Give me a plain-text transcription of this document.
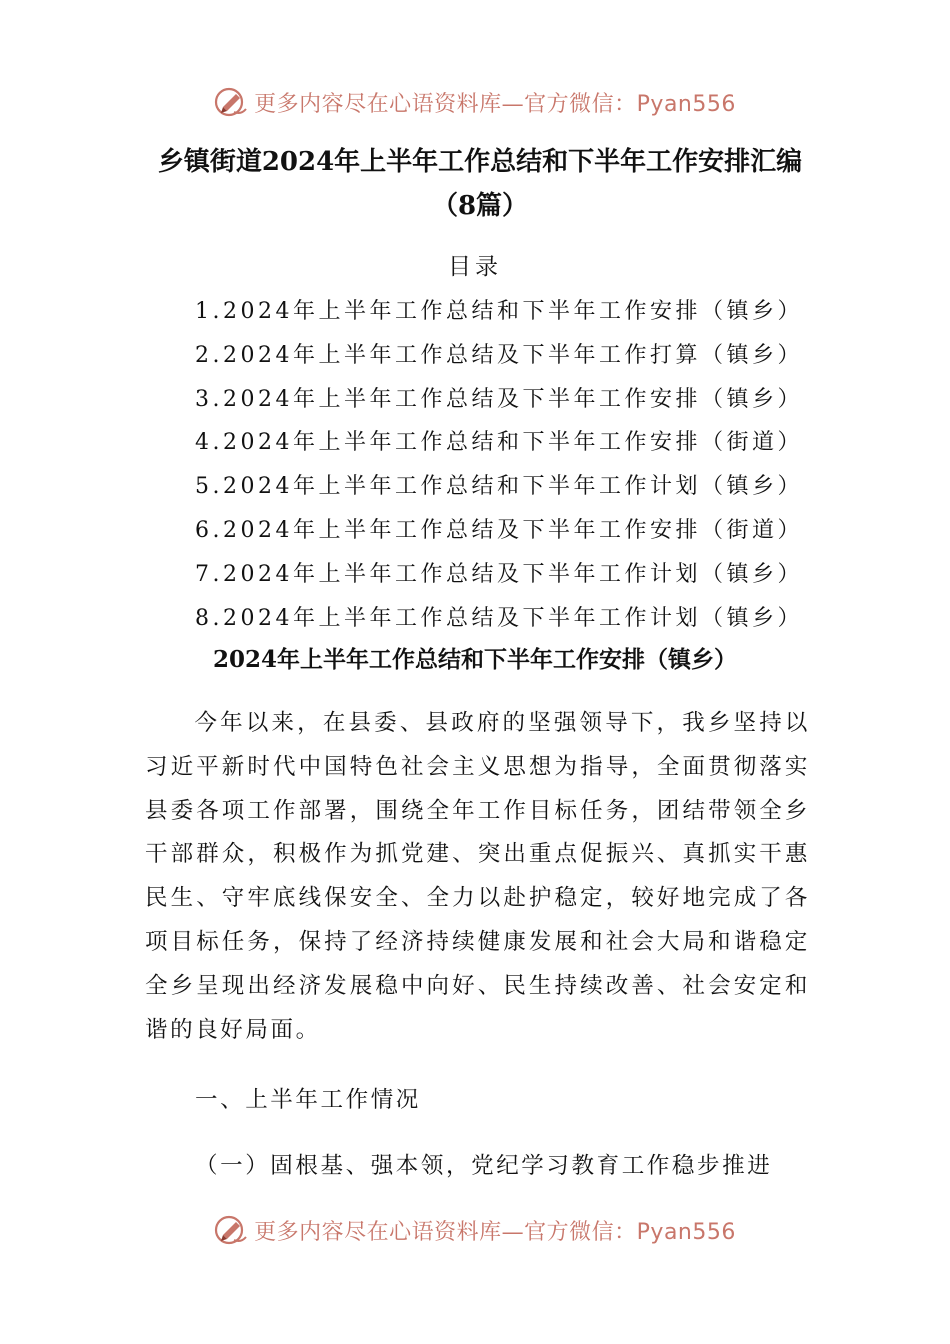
更多内容尽在心语资料库—官方微信：Pyan556
乡镇街道2024年上半年工作总结和下半年工作安排汇编（8篇）
目录
1.2024年上半年工作总结和下半年工作安排（镇乡）
2.2024年上半年工作总结及下半年工作打算（镇乡）
3.2024年上半年工作总结及下半年工作安排（镇乡）
4.2024年上半年工作总结和下半年工作安排（街道）
5.2024年上半年工作总结和下半年工作计划（镇乡）
6.2024年上半年工作总结及下半年工作安排（街道）
7.2024年上半年工作总结及下半年工作计划（镇乡）
8.2024年上半年工作总结及下半年工作计划（镇乡）
2024年上半年工作总结和下半年工作安排（镇乡）

今年以来，在县委、县政府的坚强领导下，我乡坚持以习近平新时代中国特色社会主义思想为指导，全面贯彻落实县委各项工作部署，围绕全年工作目标任务，团结带领全乡干部群众，积极作为抓党建、突出重点促振兴、真抓实干惠民生、守牢底线保安全、全力以赴护稳定，较好地完成了各项目标任务，保持了经济持续健康发展和社会大局和谐稳定全乡呈现出经济发展稳中向好、民生持续改善、社会安定和谐的良好局面。

一、上半年工作情况
（一）固根基、强本领，党纪学习教育工作稳步推进
更多内容尽在心语资料库—官方微信：Pyan556
